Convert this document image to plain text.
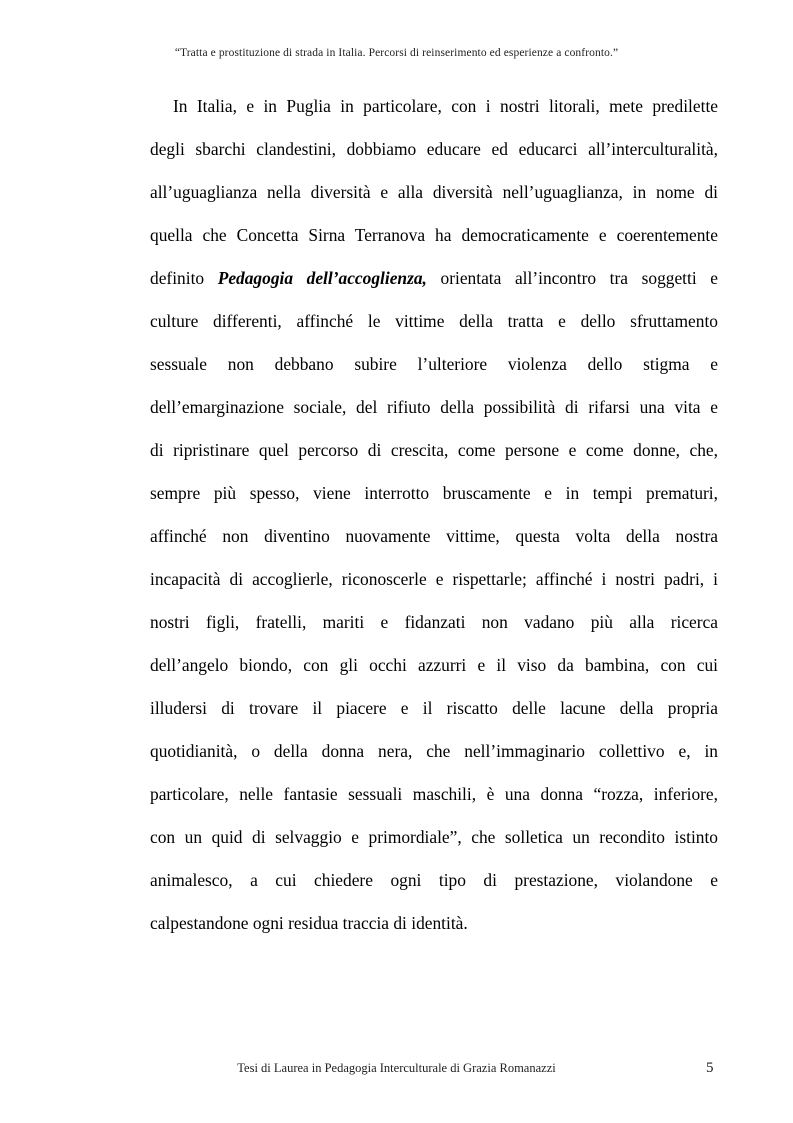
“Tratta e prostituzione di strada in Italia. Percorsi di reinserimento ed esperienze a confronto.”
In Italia, e in Puglia in particolare, con i nostri litorali, mete predilette
degli sbarchi clandestini, dobbiamo educare ed educarci all’interculturalità,
all’uguaglianza nella diversità e alla diversità nell’uguaglianza, in nome di
quella che Concetta Sirna Terranova ha democraticamente e coerentemente
definito Pedagogia dell’accoglienza, orientata all’incontro tra soggetti e
culture differenti, affinché le vittime della tratta e dello sfruttamento
sessuale non debbano subire l’ulteriore violenza dello stigma e
dell’emarginazione sociale, del rifiuto della possibilità di rifarsi una vita e
di ripristinare quel percorso di crescita, come persone e come donne, che,
sempre più spesso, viene interrotto bruscamente e in tempi prematuri,
affinché non diventino nuovamente vittime, questa volta della nostra
incapacità di accoglierle, riconoscerle e rispettarle; affinché i nostri padri, i
nostri figli, fratelli, mariti e fidanzati non vadano più alla ricerca
dell’angelo biondo, con gli occhi azzurri e il viso da bambina, con cui
illudersi di trovare il piacere e il riscatto delle lacune della propria
quotidianità, o della donna nera, che nell’immaginario collettivo e, in
particolare, nelle fantasie sessuali maschili, è una donna “rozza, inferiore,
con un quid di selvaggio e primordiale”, che solletica un recondito istinto
animalesco, a cui chiedere ogni tipo di prestazione, violandone e
calpestandone ogni residua traccia di identità.
Tesi di Laurea in Pedagogia Interculturale di Grazia Romanazzi	5
